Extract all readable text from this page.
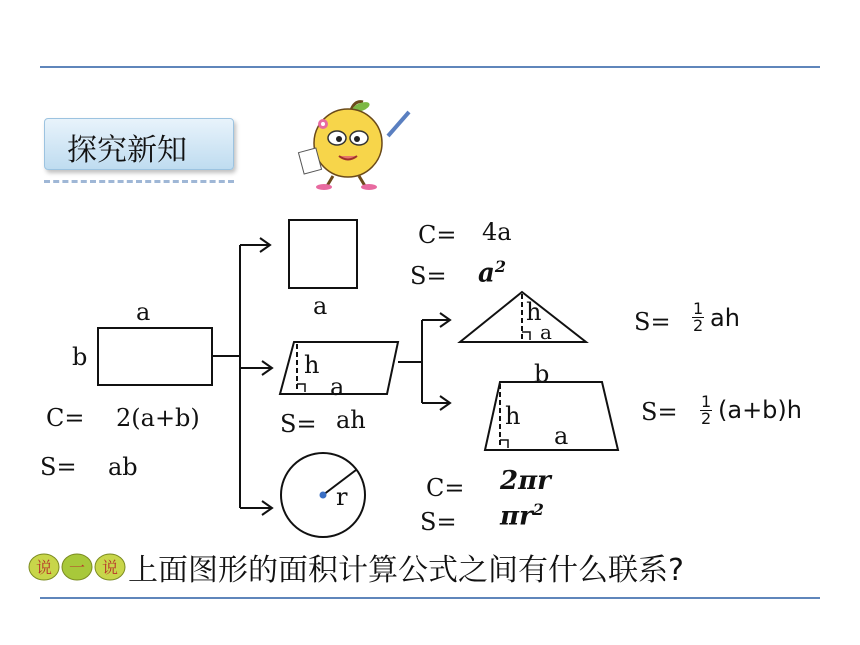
探究新知
a
b
C= 2(a+b)
S= ab
a
C= 4a
$S= a^2$
h
a
S= ah
h
a	$S= \frac{1}{2}$ ah
b
h
a
$S= \frac{1}{2} (a+b)h$
r	C= 2πr
$S= \pi r^2$
说 一 说 上面图形的面积计算公式之间有什么联系?
